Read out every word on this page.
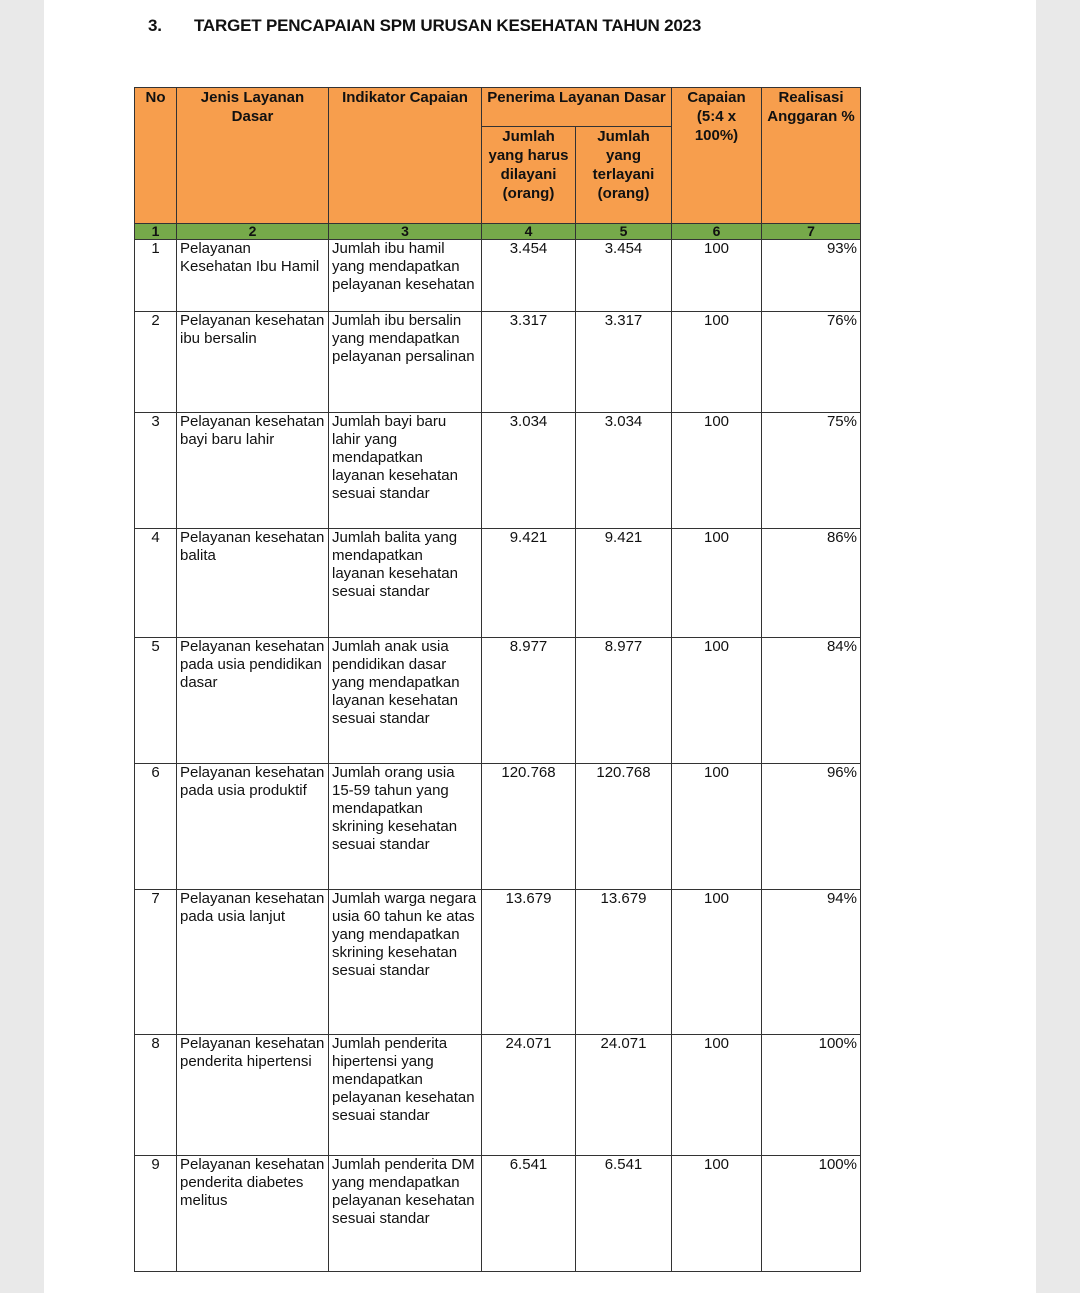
3. TARGET PENCAPAIAN SPM URUSAN KESEHATAN TAHUN 2023
No	Jenis Layanan Dasar	Indikator Capaian	Penerima Layanan Dasar		Capaian (5:4 x 100%)	Realisasi Anggaran %
			Jumlah yang harus dilayani (orang)	Jumlah yang terlayani (orang)		
1	2	3	4	5	6	7
1	Pelayanan Kesehatan Ibu Hamil	Jumlah ibu hamil yang mendapatkan pelayanan kesehatan	3.454	3.454	100	93%
2	Pelayanan kesehatan ibu bersalin	Jumlah ibu bersalin yang mendapatkan pelayanan persalinan	3.317	3.317	100	76%
3	Pelayanan kesehatan bayi baru lahir	Jumlah bayi baru lahir yang mendapatkan layanan kesehatan sesuai standar	3.034	3.034	100	75%
4	Pelayanan kesehatan balita	Jumlah balita yang mendapatkan layanan kesehatan sesuai standar	9.421	9.421	100	86%
5	Pelayanan kesehatan pada usia pendidikan dasar	Jumlah anak usia pendidikan dasar yang mendapatkan layanan kesehatan sesuai standar	8.977	8.977	100	84%
6	Pelayanan kesehatan pada usia produktif	Jumlah orang usia 15-59 tahun yang mendapatkan skrining kesehatan sesuai standar	120.768	120.768	100	96%
7	Pelayanan kesehatan pada usia lanjut	Jumlah warga negara usia 60 tahun ke atas yang mendapatkan skrining kesehatan sesuai standar	13.679	13.679	100	94%
8	Pelayanan kesehatan penderita hipertensi	Jumlah penderita hipertensi yang mendapatkan pelayanan kesehatan sesuai standar	24.071	24.071	100	100%
9	Pelayanan kesehatan penderita diabetes melitus	Jumlah penderita DM yang mendapatkan pelayanan kesehatan sesuai standar	6.541	6.541	100	100%
